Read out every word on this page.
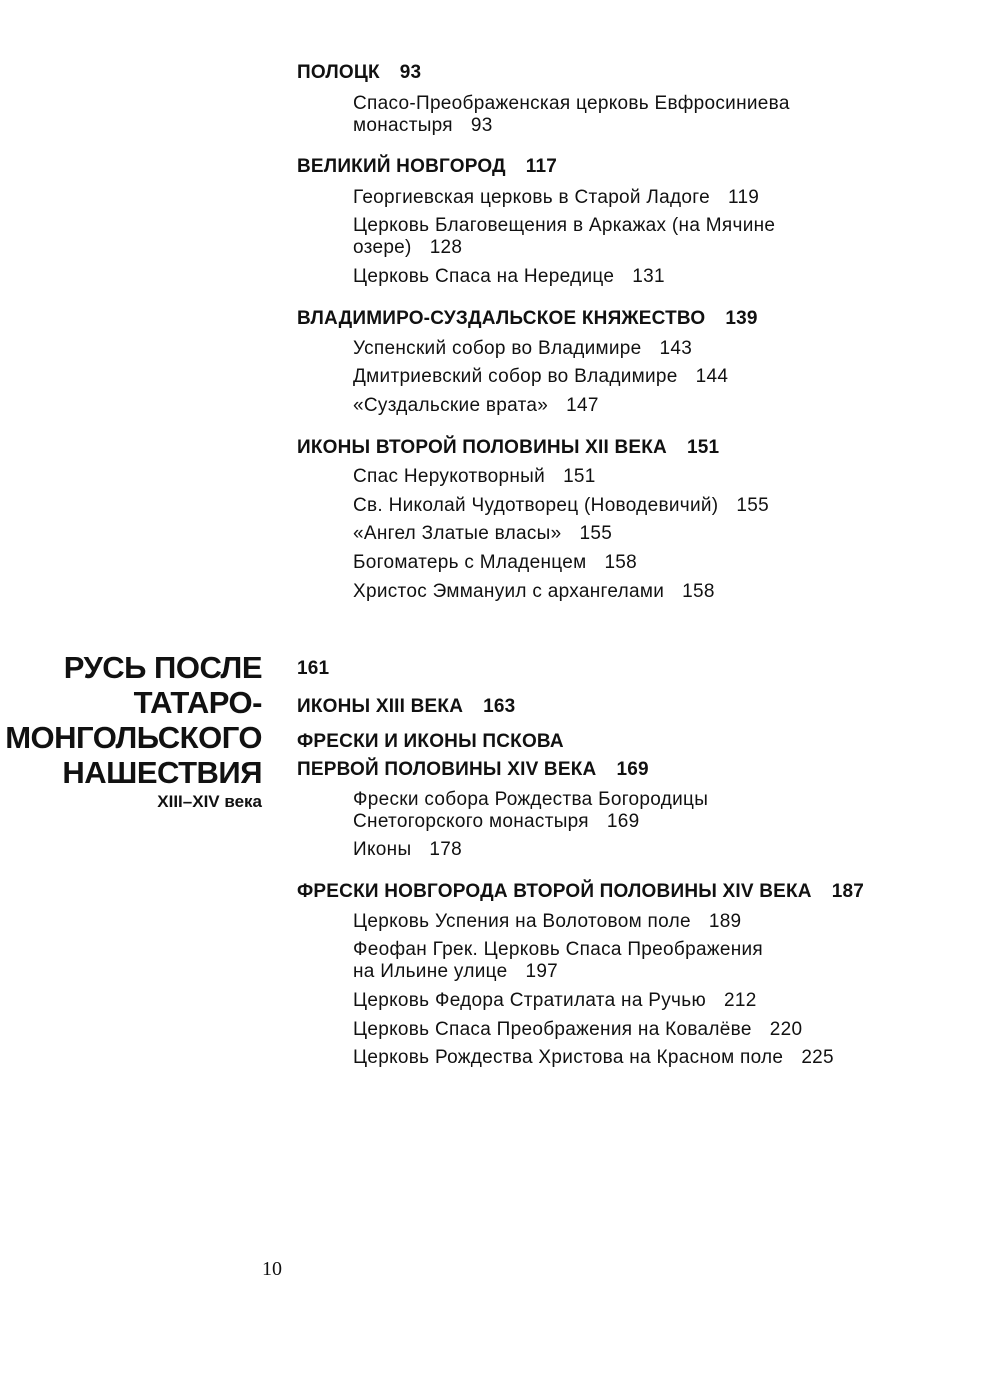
ПОЛОЦК 93
Спасо-Преображенская церковь Евфросиниева
монастыря 93
ВЕЛИКИЙ НОВГОРОД 117
Георгиевская церковь в Старой Ладоге 119
Церковь Благовещения в Аркажах (на Мячине
озере) 128
Церковь Спаса на Нередице 131
ВЛАДИМИРО-СУЗДАЛЬСКОЕ КНЯЖЕСТВО 139
Успенский собор во Владимире 143
Дмитриевский собор во Владимире 144
«Суздальские врата» 147
ИКОНЫ ВТОРОЙ ПОЛОВИНЫ XII ВЕКА 151
Спас Нерукотворный 151
Св. Николай Чудотворец (Новодевичий) 155
«Ангел Златые власы» 155
Богоматерь с Младенцем 158
Христос Эммануил с архангелами 158
РУСЬ ПОСЛЕ
ТАТАРО-
МОНГОЛЬСКОГО
НАШЕСТВИЯ
XIII–XIV века
161
ИКОНЫ XIII ВЕКА 163
ФРЕСКИ И ИКОНЫ ПСКОВА
ПЕРВОЙ ПОЛОВИНЫ XIV ВЕКА 169
Фрески собора Рождества Богородицы
Снетогорского монастыря 169
Иконы 178
ФРЕСКИ НОВГОРОДА ВТОРОЙ ПОЛОВИНЫ XIV ВЕКА 187
Церковь Успения на Волотовом поле 189
Феофан Грек. Церковь Спаса Преображения
на Ильине улице 197
Церковь Федора Стратилата на Ручью 212
Церковь Спаса Преображения на Ковалёве 220
Церковь Рождества Христова на Красном поле 225
10
